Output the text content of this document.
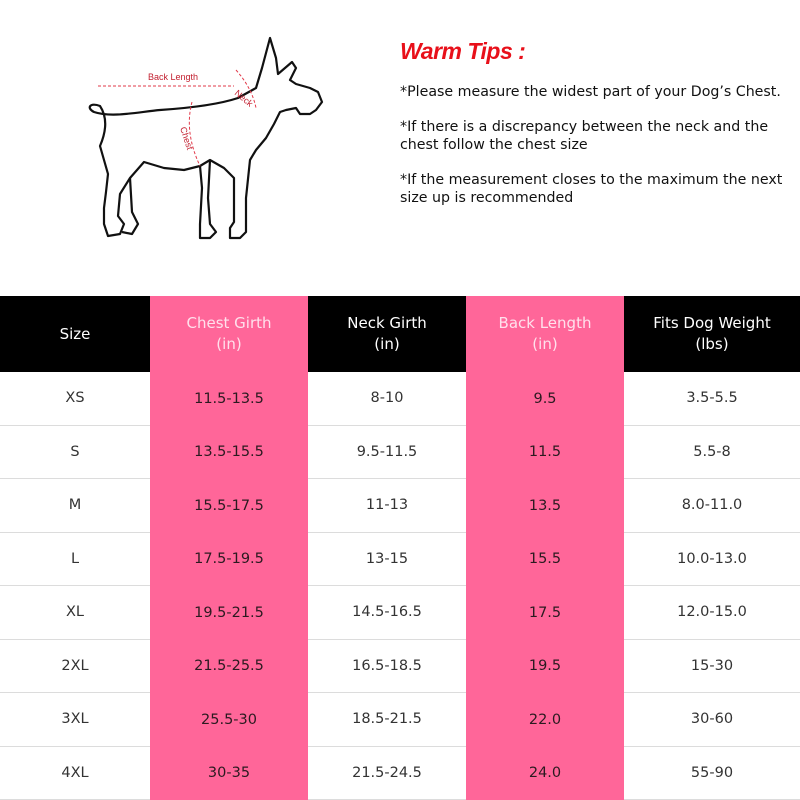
Back Length
Neck
Chest
Warm Tips :
*Please measure the widest part of your Dog’s Chest.
*If there is a discrepancy between the neck and the chest follow the chest size
*If the measurement closes to the maximum the next size up is recommended
Size
XS
S
M
L
XL
2XL
3XL
4XL
Chest Girth
(in)
11.5-13.5
13.5-15.5
15.5-17.5
17.5-19.5
19.5-21.5
21.5-25.5
25.5-30
30-35
Neck Girth
(in)
8-10
9.5-11.5
11-13
13-15
14.5-16.5
16.5-18.5
18.5-21.5
21.5-24.5
Back Length
(in)
9.5
11.5
13.5
15.5
17.5
19.5
22.0
24.0
Fits Dog Weight
(lbs)
3.5-5.5
5.5-8
8.0-11.0
10.0-13.0
12.0-15.0
15-30
30-60
55-90
